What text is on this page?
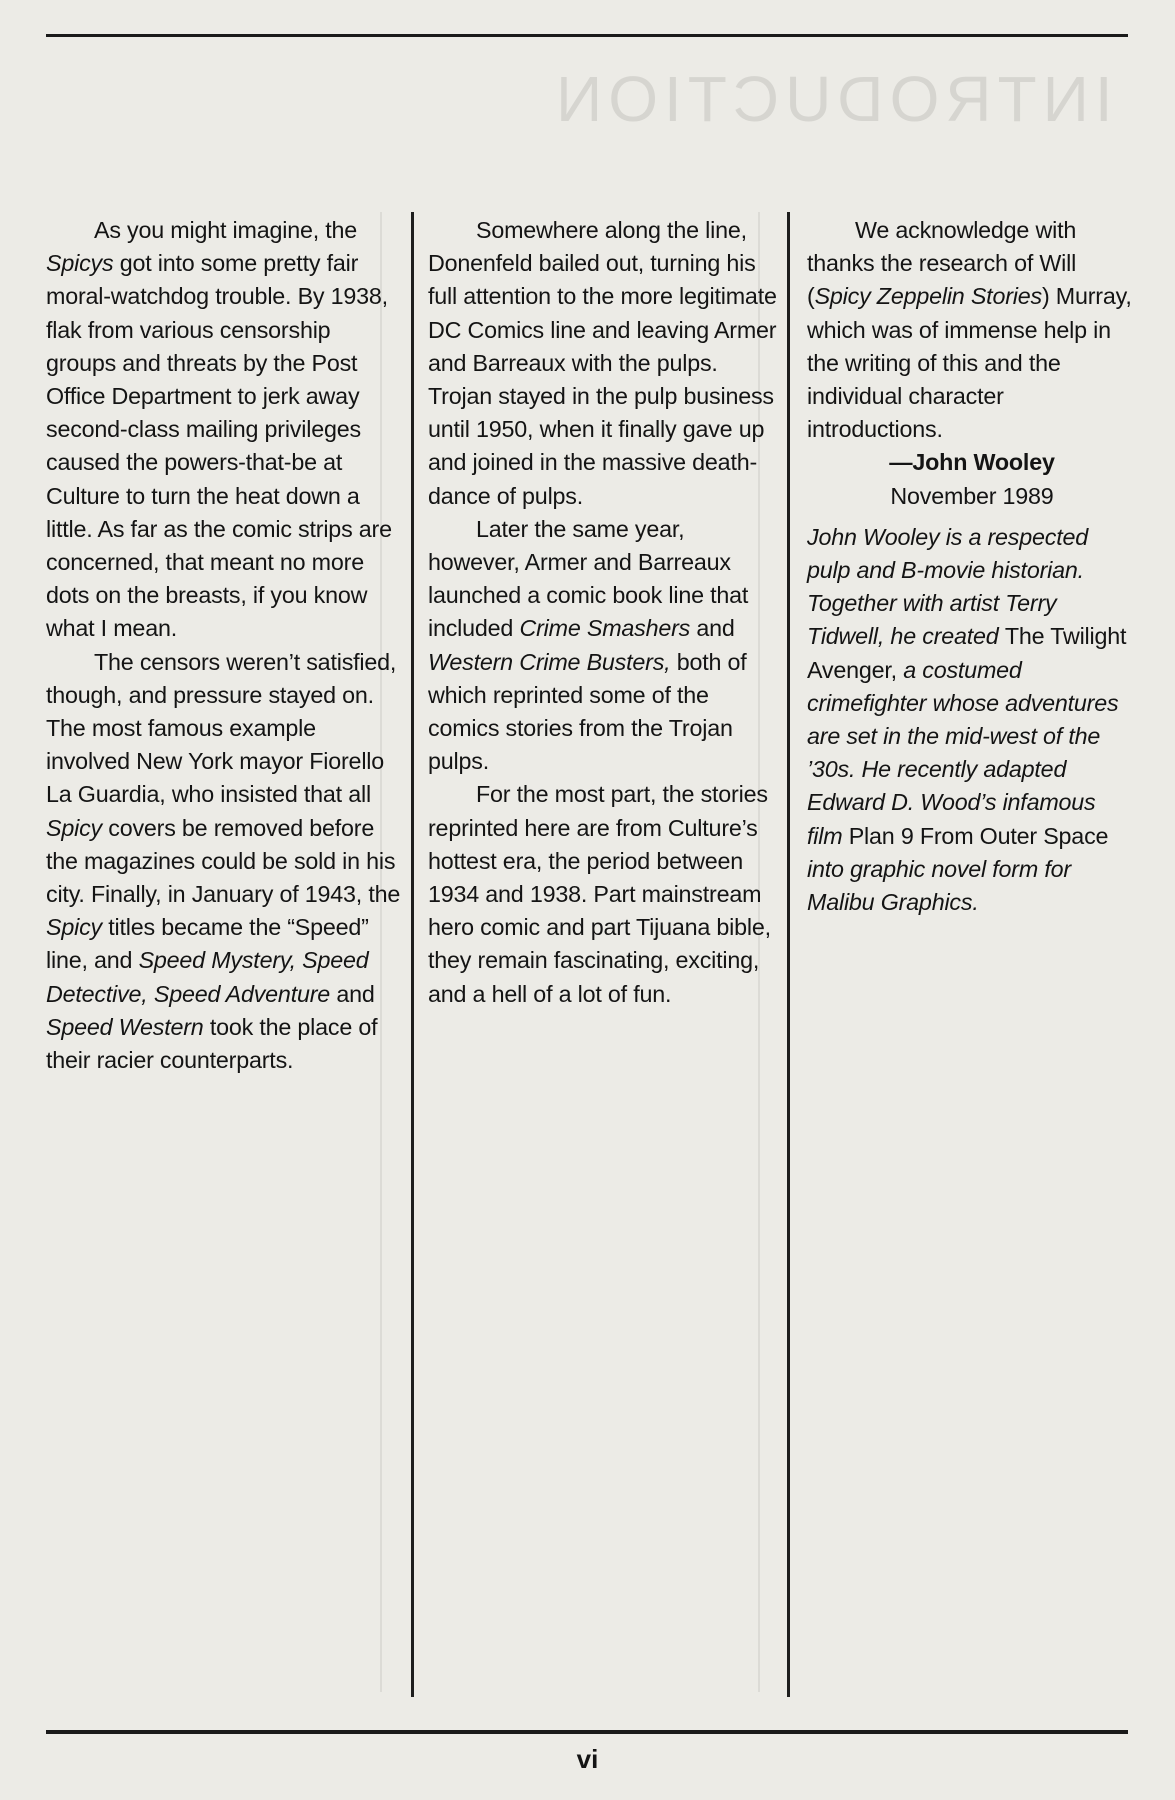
INTRODUCTION

As you might imagine, the Spicys got into some pretty fair moral-watchdog trouble. By 1938, flak from various censorship groups and threats by the Post Office Department to jerk away second-class mailing privileges caused the powers-that-be at Culture to turn the heat down a little. As far as the comic strips are concerned, that meant no more dots on the breasts, if you know what I mean.

The censors weren’t satisfied, though, and pressure stayed on. The most famous example involved New York mayor Fiorello La Guardia, who insisted that all Spicy covers be removed before the magazines could be sold in his city. Finally, in January of 1943, the Spicy titles became the “Speed” line, and Speed Mystery, Speed Detective, Speed Adventure and Speed Western took the place of their racier counterparts.

Somewhere along the line, Donenfeld bailed out, turning his full attention to the more legitimate DC Comics line and leaving Armer and Barreaux with the pulps. Trojan stayed in the pulp business until 1950, when it finally gave up and joined in the massive death-dance of pulps.

Later the same year, however, Armer and Barreaux launched a comic book line that included Crime Smashers and Western Crime Busters, both of which reprinted some of the comics stories from the Trojan pulps.

For the most part, the stories reprinted here are from Culture’s hottest era, the period between 1934 and 1938. Part mainstream hero comic and part Tijuana bible, they remain fascinating, exciting, and a hell of a lot of fun.

We acknowledge with thanks the research of Will (Spicy Zeppelin Stories) Murray, which was of immense help in the writing of this and the individual character introductions.

—John Wooley

November 1989

John Wooley is a respected pulp and B-movie historian. Together with artist Terry Tidwell, he created The Twilight Avenger, a costumed crimefighter whose adventures are set in the mid-west of the ’30s. He recently adapted Edward D. Wood’s infamous film Plan 9 From Outer Space into graphic novel form for Malibu Graphics.

vi
